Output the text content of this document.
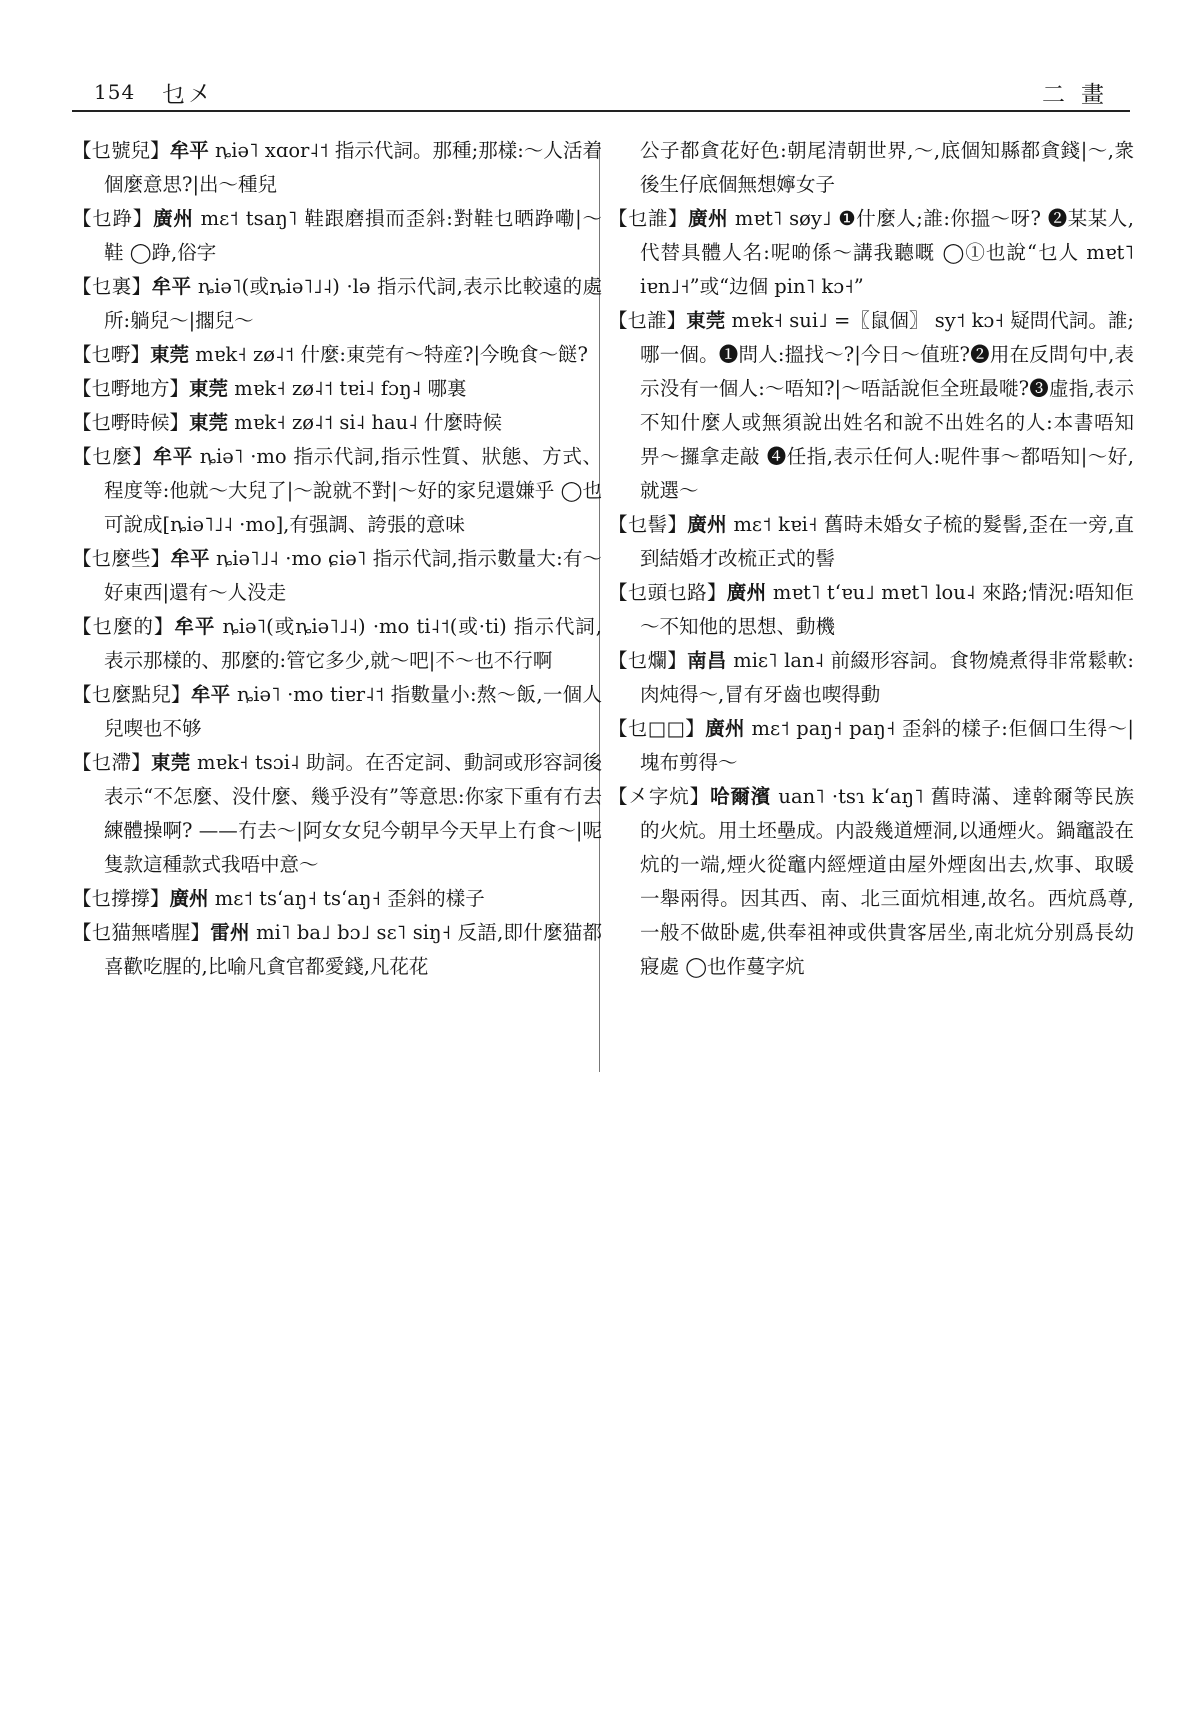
154 乜㐅	二畫
【乜號兒】牟平 ȵiə˥ xɑor˨˦ 指示代詞。那種;那樣:～人活着個麼意思?|出～種兒
【乜踭】廣州 mɛ˦ tsaŋ˥ 鞋跟磨損而歪斜:對鞋乜晒踭嘞|～鞋 ◯踭,俗字
【乜裏】牟平 ȵiə˥(或ȵiə˥˩˨) ·lə 指示代詞,表示比較遠的處所:躺兒～|擱兒～
【乜嘢】東莞 mɐk˧ zø˨˦ 什麼:東莞有～特産?|今晚食～餸?
【乜嘢地方】東莞 mɐk˧ zø˨˦ tɐi˨ fɔŋ˨ 哪裏
【乜嘢時候】東莞 mɐk˧ zø˨˦ si˨ hau˨ 什麼時候
【乜麼】牟平 ȵiə˥ ·mo 指示代詞,指示性質、狀態、方式、程度等:他就～大兒了|～說就不對|～好的家兒還嫌乎 ◯也可說成[ȵiə˥˩˨ ·mo],有强調、誇張的意味
【乜麼些】牟平 ȵiə˥˩˨ ·mo ɕiə˥ 指示代詞,指示數量大:有～好東西|還有～人没走
【乜麼的】牟平 ȵiə˥(或ȵiə˥˩˨) ·mo ti˨˦(或·ti) 指示代詞,表示那樣的、那麼的:管它多少,就～吧|不～也不行啊
【乜麼點兒】牟平 ȵiə˥ ·mo tiɐr˨˦ 指數量小:熬～飯,一個人兒喫也不够
【乜滯】東莞 mɐk˧ tsɔi˨ 助詞。在否定詞、動詞或形容詞後表示“不怎麼、没什麼、幾乎没有”等意思:你家下重有冇去練體操啊? ——冇去～|阿女女兒今朝早今天早上冇食～|呢隻款這種款式我唔中意～
【乜撐撐】廣州 mɛ˦ ts‘aŋ˧ ts‘aŋ˧ 歪斜的樣子
【乜猫無嗜腥】雷州 mi˥ ba˩ bɔ˩ sɛ˥ siŋ˧ 反語,即什麼猫都喜歡吃腥的,比喻凡貪官都愛錢,凡花花
公子都貪花好色:朝尾清朝世界,～,底個知縣都貪錢|～,衆後生仔底個無想嬣女子
【乜誰】廣州 mɐt˥ søy˩ ❶什麼人;誰:你搵～呀? ❷某某人,代替具體人名:呢啲係～講我聽嘅 ◯①也說“乜人 mɐt˥ iɐn˩˧”或“边個 pin˥ kɔ˧”
【乜誰】東莞 mɐk˧ sui˩ =〖鼠個〗 sy˦ kɔ˧ 疑問代詞。誰;哪一個。❶問人:搵找～?|今日～值班?❷用在反問句中,表示没有一個人:～唔知?|～唔話說佢全班最嘥?❸虛指,表示不知什麼人或無須說出姓名和說不出姓名的人:本書唔知畀～攞拿走敲 ❹任指,表示任何人:呢件事～都唔知|～好,就選～
【乜髻】廣州 mɛ˦ kɐi˧ 舊時未婚女子梳的髮髻,歪在一旁,直到結婚才改梳正式的髻
【乜頭乜路】廣州 mɐt˥ t‘ɐu˩ mɐt˥ lou˨ 來路;情況:唔知佢～不知他的思想、動機
【乜爛】南昌 miɛ˥ lan˨ 前綴形容詞。食物燒煮得非常鬆軟:肉炖得～,冒有牙齒也喫得動
【乜□□】廣州 mɛ˦ paŋ˧ paŋ˧ 歪斜的樣子:佢個口生得～|塊布剪得～
【㐅字炕】哈爾濱 uan˥ ·tsɿ k‘aŋ˥ 舊時滿、達斡爾等民族的火炕。用土坯壘成。内設幾道煙洞,以通煙火。鍋竈設在炕的一端,煙火從竈内經煙道由屋外煙囱出去,炊事、取暖一舉兩得。因其西、南、北三面炕相連,故名。西炕爲尊,一般不做卧處,供奉祖神或供貴客居坐,南北炕分别爲長幼寢處 ◯也作蔓字炕
